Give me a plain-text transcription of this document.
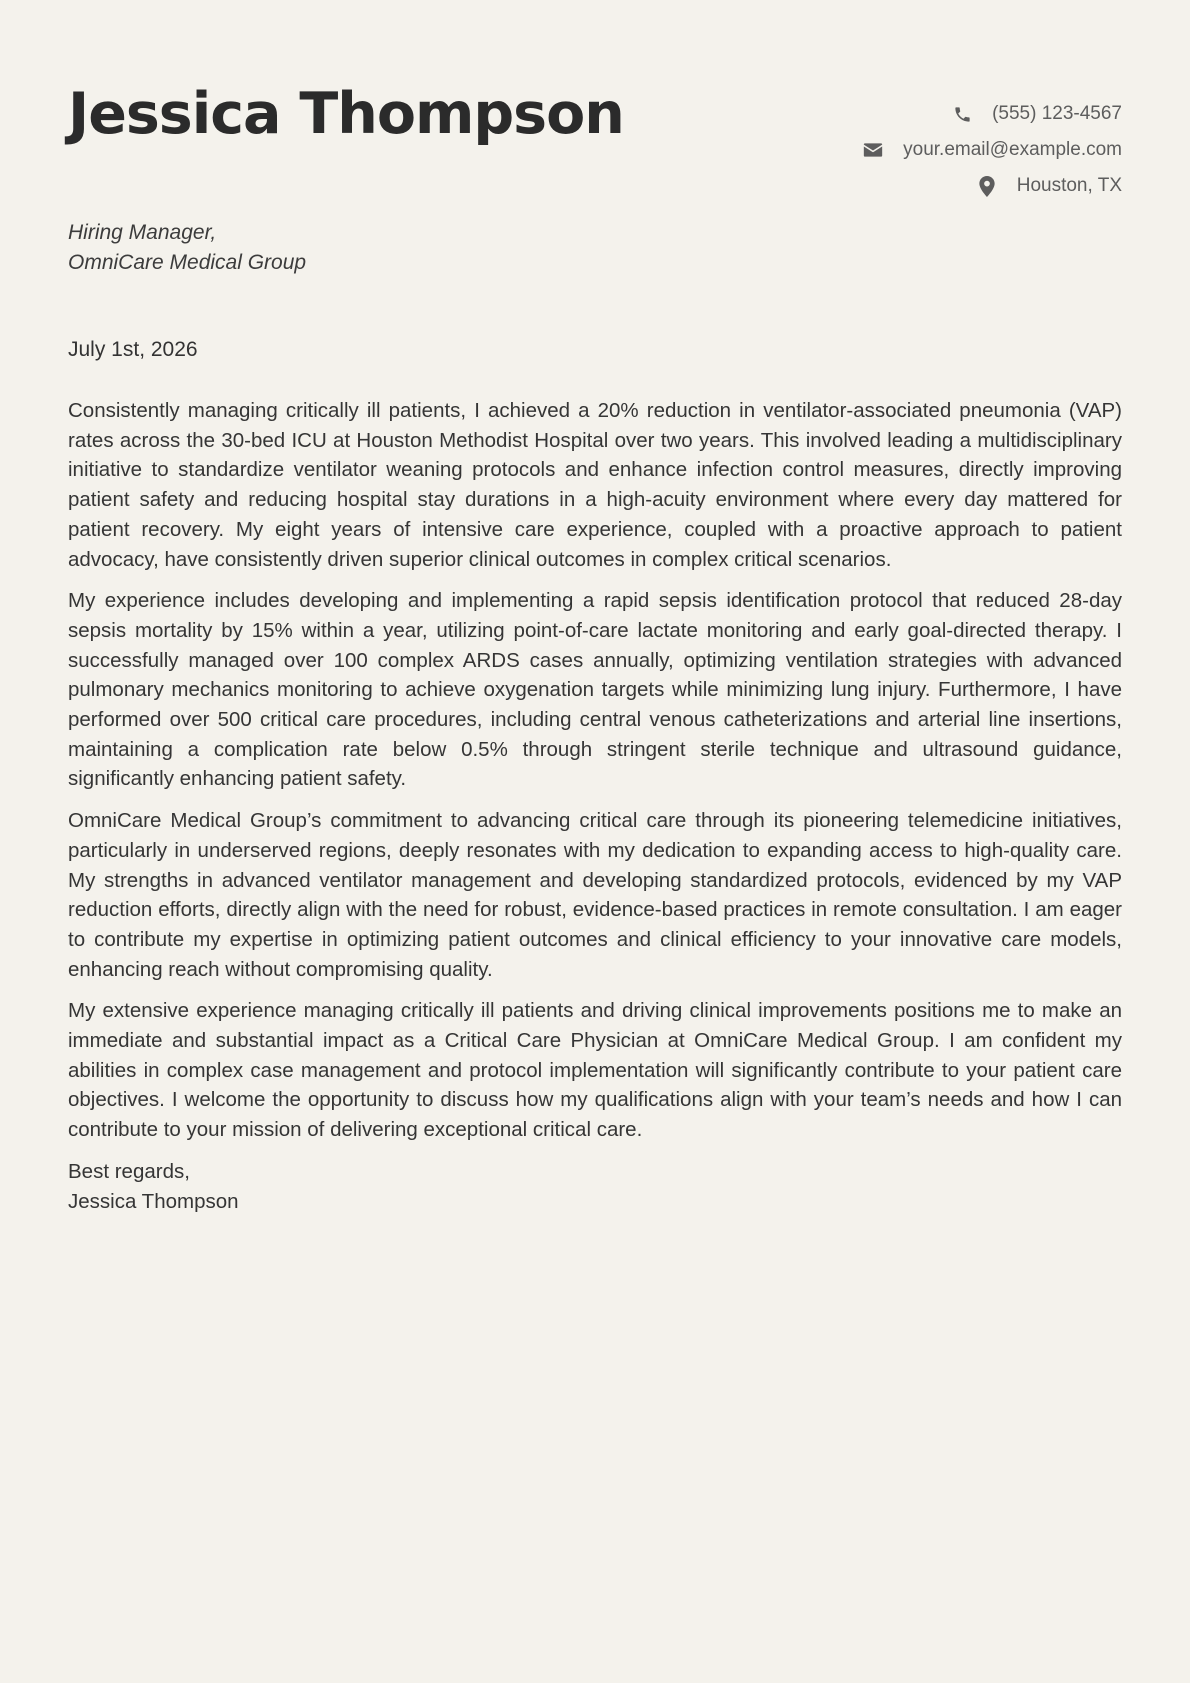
Jessica Thompson	(555) 123-4567
your.email@example.com
Houston, TX
Hiring Manager,
OmniCare Medical Group
July 1st, 2026

Consistently managing critically ill patients, I achieved a 20% reduction in ventilator-associated pneumonia (VAP) rates across the 30-bed ICU at Houston Methodist Hospital over two years. This involved leading a multidisciplinary initiative to standardize ventilator weaning protocols and enhance infection control measures, directly improving patient safety and reducing hospital stay durations in a high-acuity environment where every day mattered for patient recovery. My eight years of intensive care experience, coupled with a proactive approach to patient advocacy, have consistently driven superior clinical outcomes in complex critical scenarios.

My experience includes developing and implementing a rapid sepsis identification protocol that reduced 28-day sepsis mortality by 15% within a year, utilizing point-of-care lactate monitoring and early goal-directed therapy. I successfully managed over 100 complex ARDS cases annually, optimizing ventilation strategies with advanced pulmonary mechanics monitoring to achieve oxygenation targets while minimizing lung injury. Furthermore, I have performed over 500 critical care procedures, including central venous catheterizations and arterial line insertions, maintaining a complication rate below 0.5% through stringent sterile technique and ultrasound guidance, significantly enhancing patient safety.

OmniCare Medical Group’s commitment to advancing critical care through its pioneering telemedicine initiatives, particularly in underserved regions, deeply resonates with my dedication to expanding access to high-quality care. My strengths in advanced ventilator management and developing standardized protocols, evidenced by my VAP reduction efforts, directly align with the need for robust, evidence-based practices in remote consultation. I am eager to contribute my expertise in optimizing patient outcomes and clinical efficiency to your innovative care models, enhancing reach without compromising quality.

My extensive experience managing critically ill patients and driving clinical improvements positions me to make an immediate and substantial impact as a Critical Care Physician at OmniCare Medical Group. I am confident my abilities in complex case management and protocol implementation will significantly contribute to your patient care objectives. I welcome the opportunity to discuss how my qualifications align with your team’s needs and how I can contribute to your mission of delivering exceptional critical care.

Best regards,
Jessica Thompson
